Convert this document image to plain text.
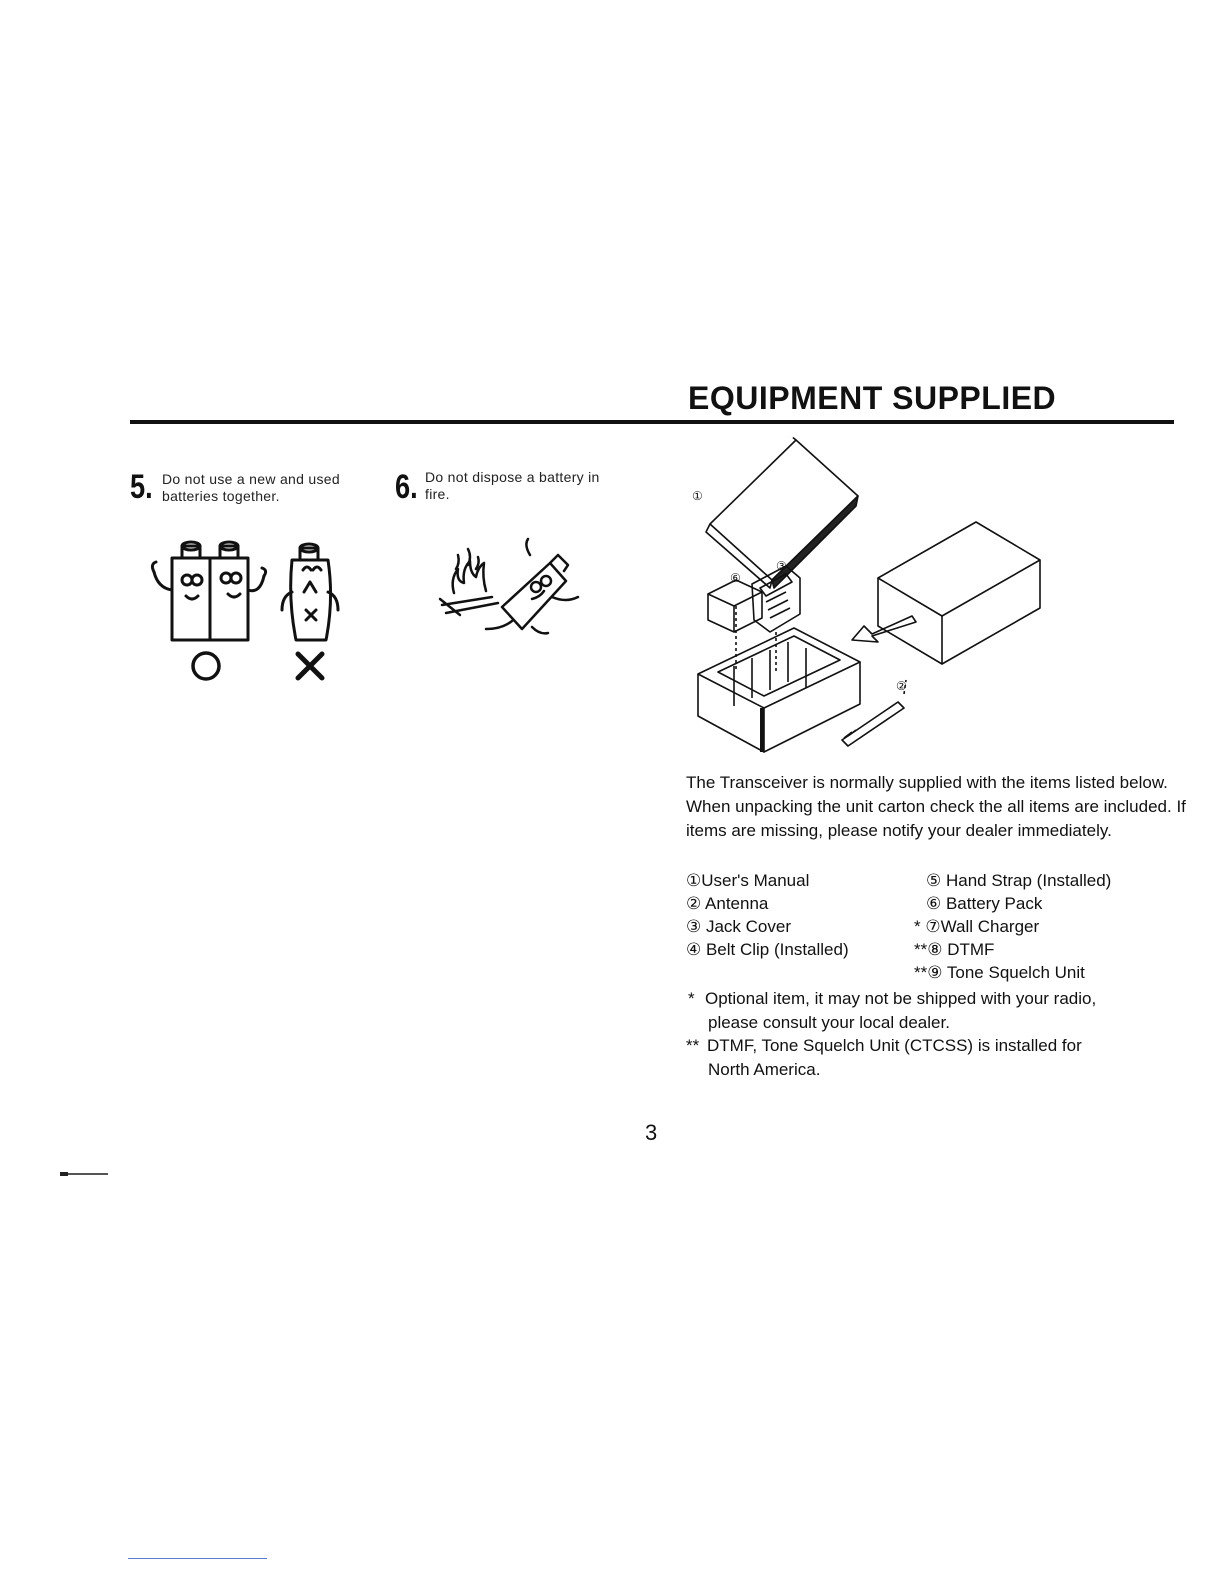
EQUIPMENT SUPPLIED
5. Do not use a new and used batteries together.	6. Do not dispose a battery in fire.	①
③
⑥
②
The Transceiver is normally supplied with the items listed below. When unpacking the unit carton check the all items are included. If items are missing, please notify your dealer immediately.
①User's Manual
② Antenna
③ Jack Cover
④ Belt Clip (Installed)
⑤ Hand Strap (Installed)
⑥ Battery Pack
* ⑦Wall Charger
**⑧ DTMF
**⑨ Tone Squelch Unit
* Optional item, it may not be shipped with your radio,
please consult your local dealer.
** DTMF, Tone Squelch Unit (CTCSS) is installed for
North America.
3
